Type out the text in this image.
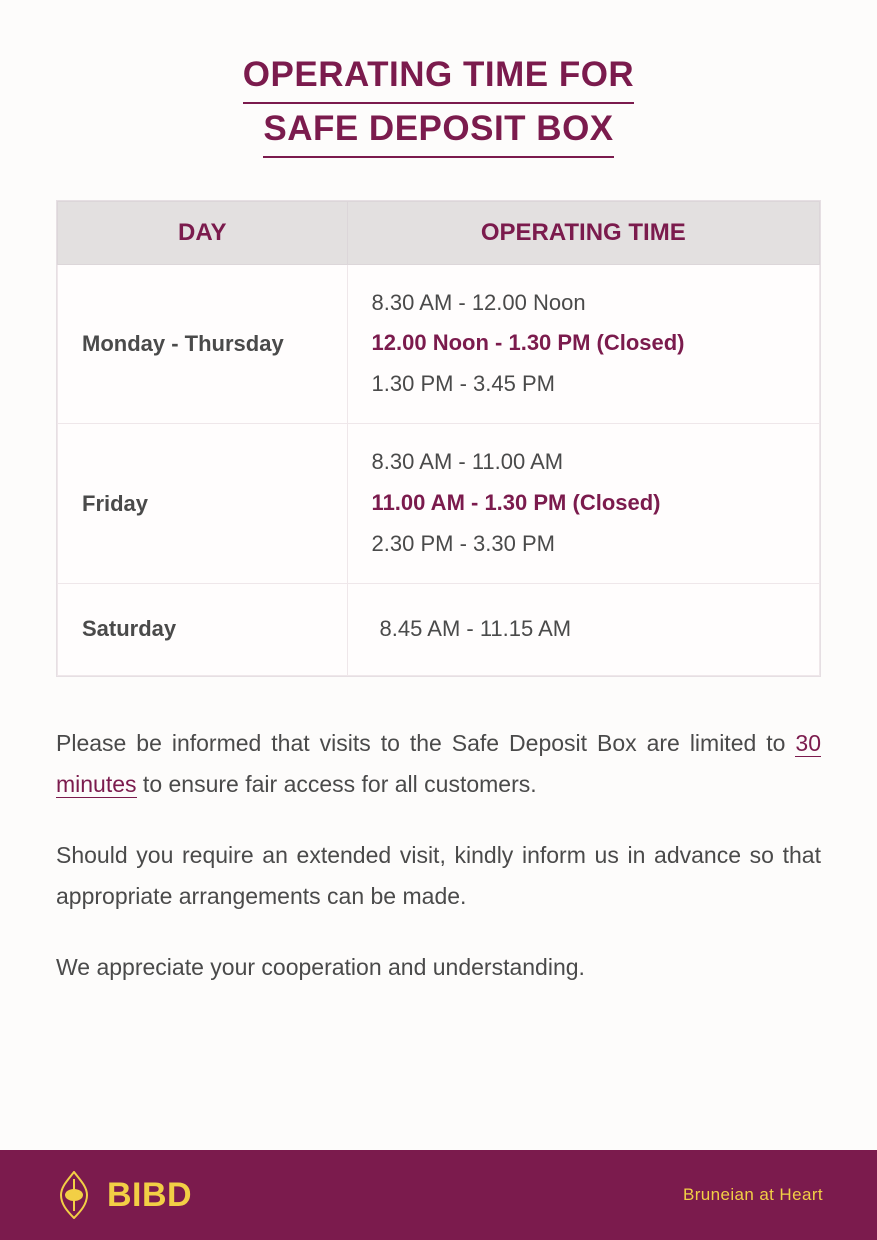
OPERATING TIME FOR
SAFE DEPOSIT BOX
DAY	OPERATING TIME
Monday - Thursday	8.30 AM - 12.00 Noon
12.00 Noon - 1.30 PM (Closed)
1.30 PM - 3.45 PM

Friday	8.30 AM - 11.00 AM
11.00 AM - 1.30 PM (Closed)
2.30 PM - 3.30 PM

Saturday	8.45 AM - 11.15 AM

Please be informed that visits to the Safe Deposit Box are limited to 30 minutes to ensure fair access for all customers.

Should you require an extended visit, kindly inform us in advance so that appropriate arrangements can be made.

We appreciate your cooperation and understanding.

BIBD	Bruneian at Heart
